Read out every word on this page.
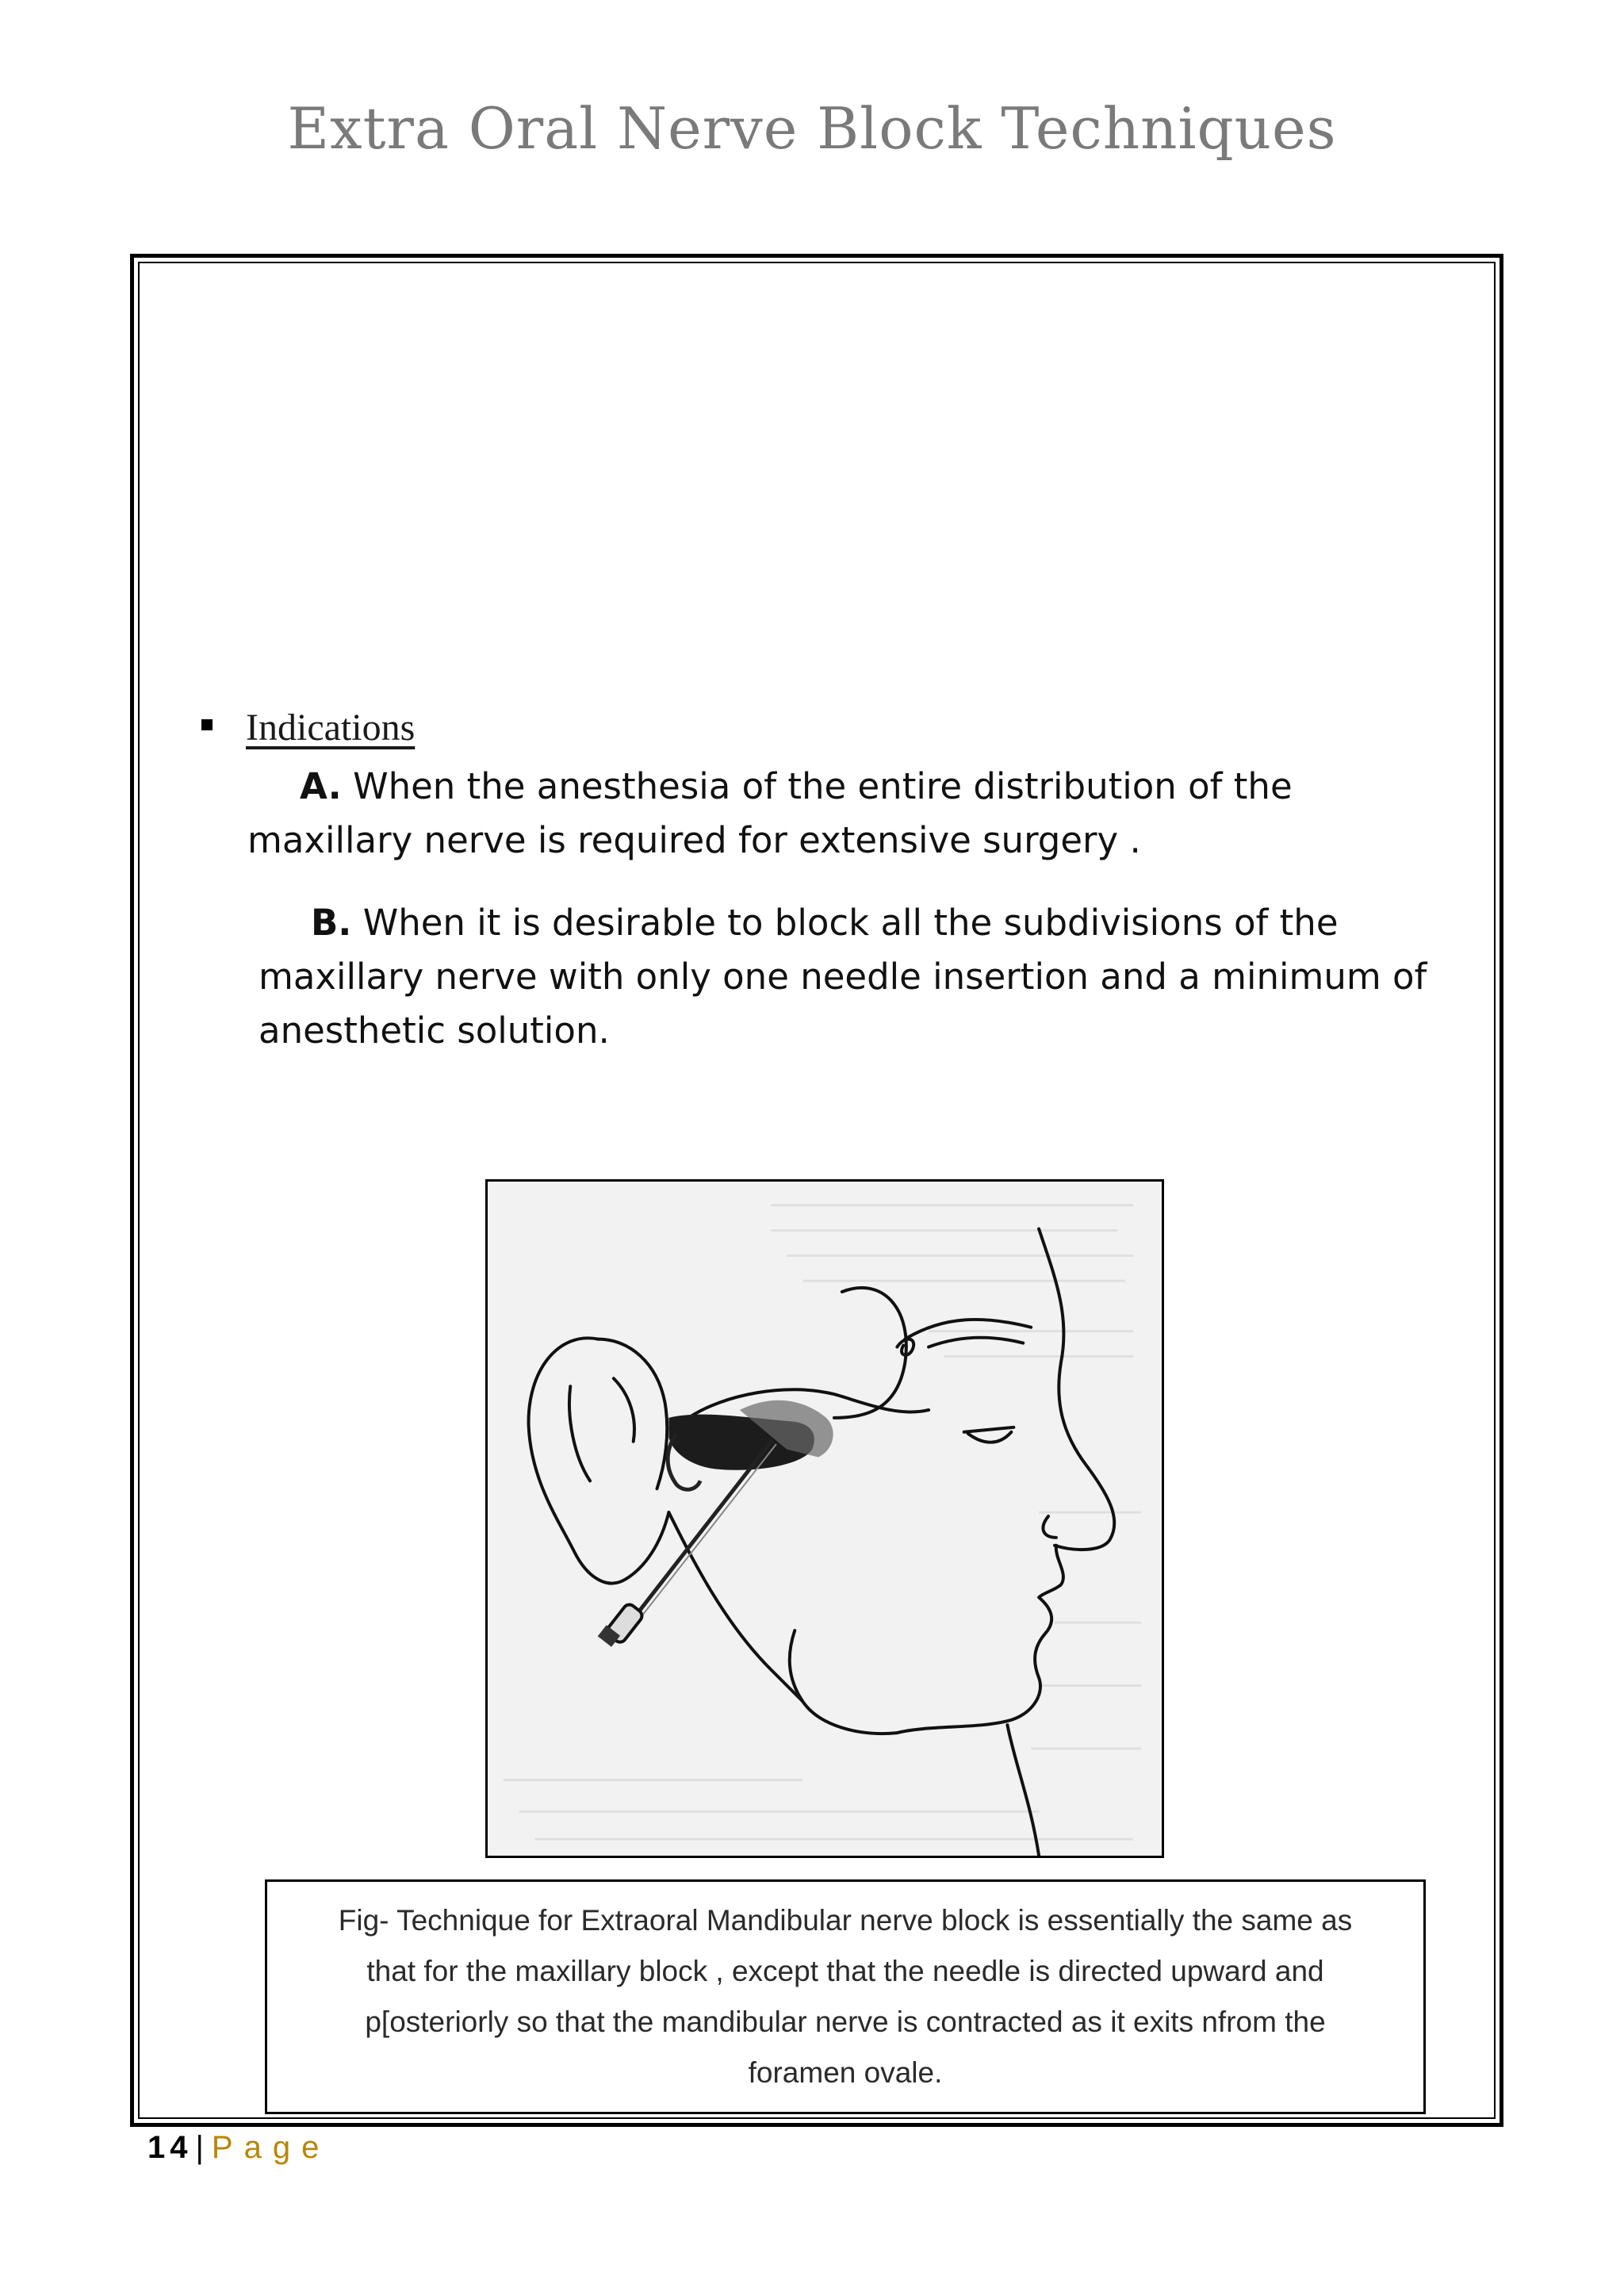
Extra Oral Nerve Block Techniques
Indications
A. When the anesthesia of the entire distribution of the maxillary nerve is required for extensive surgery .
B. When it is desirable to block all the subdivisions of the maxillary nerve with only one needle insertion and a minimum of anesthetic solution.

Fig- Technique for Extraoral Mandibular nerve block is essentially the same as that for the maxillary block , except that the needle is directed upward and p[osteriorly so that the mandibular nerve is contracted as it exits nfrom the foramen ovale.

14 | Page
